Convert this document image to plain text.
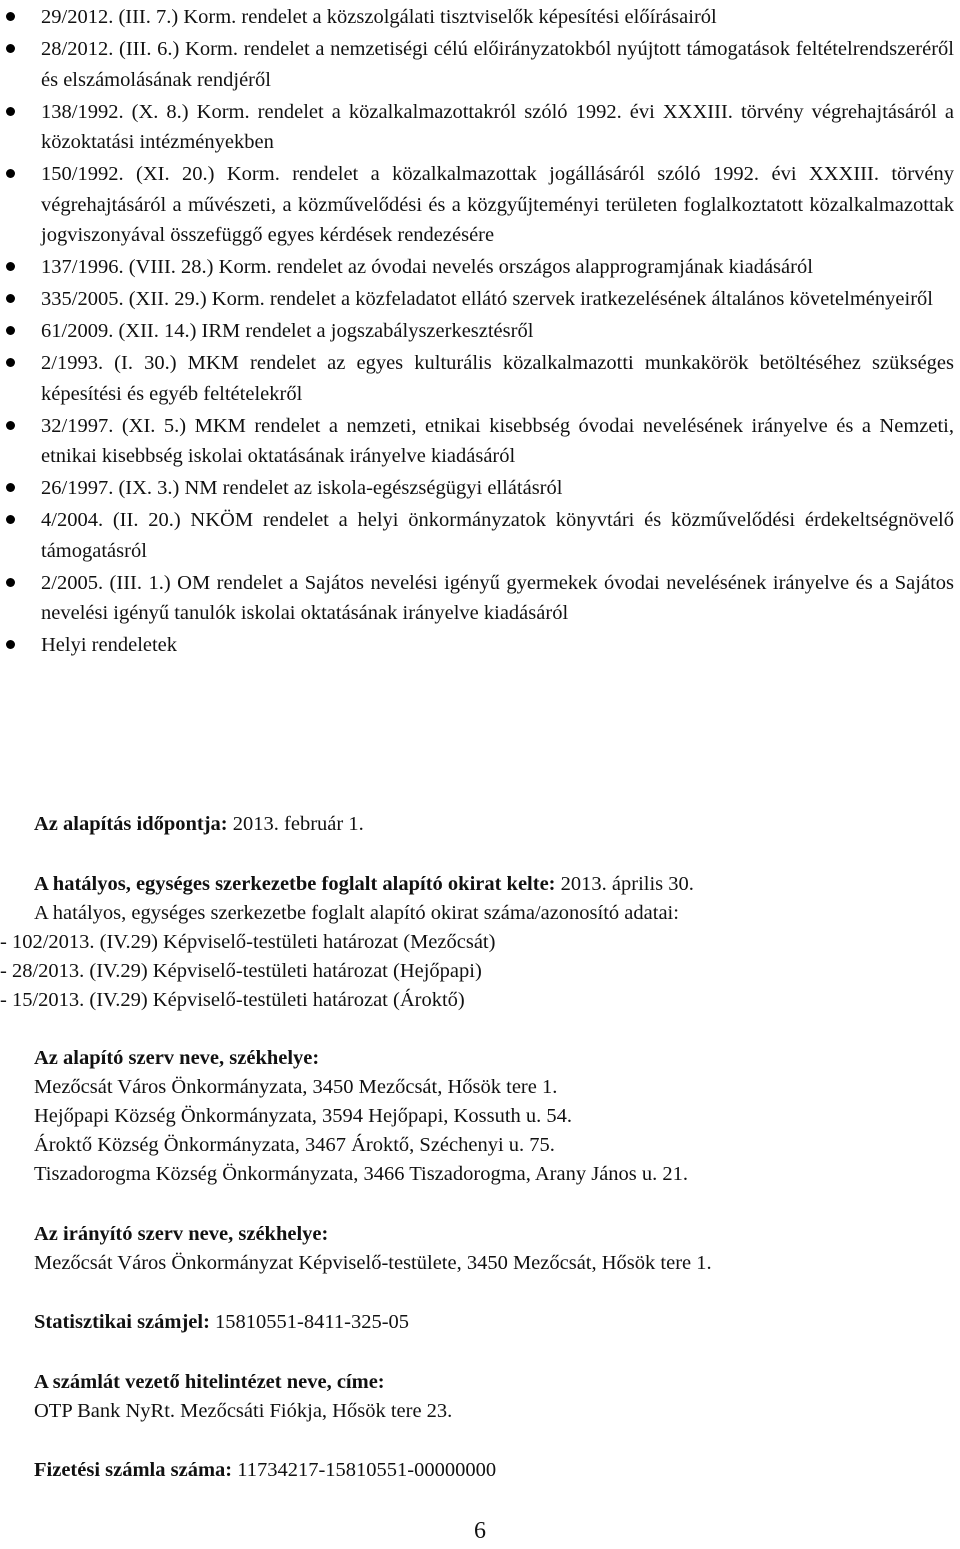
29/2012. (III. 7.) Korm. rendelet a közszolgálati tisztviselők képesítési előírásairól
28/2012. (III. 6.) Korm. rendelet a nemzetiségi célú előirányzatokból nyújtott támogatások feltételrendszeréről és elszámolásának rendjéről
138/1992. (X. 8.) Korm. rendelet a közalkalmazottakról szóló 1992. évi XXXIII. törvény végrehajtásáról a közoktatási intézményekben
150/1992. (XI. 20.) Korm. rendelet a közalkalmazottak jogállásáról szóló 1992. évi XXXIII. törvény végrehajtásáról a művészeti, a közművelődési és a közgyűjteményi területen foglalkoztatott közalkalmazottak jogviszonyával összefüggő egyes kérdések rendezésére
137/1996. (VIII. 28.) Korm. rendelet az óvodai nevelés országos alapprogramjának kiadásáról
335/2005. (XII. 29.) Korm. rendelet a közfeladatot ellátó szervek iratkezelésének általános követelményeiről
61/2009. (XII. 14.) IRM rendelet a jogszabályszerkesztésről
2/1993. (I. 30.) MKM rendelet az egyes kulturális közalkalmazotti munkakörök betöltéséhez szükséges képesítési és egyéb feltételekről
32/1997. (XI. 5.) MKM rendelet a nemzeti, etnikai kisebbség óvodai nevelésének irányelve és a Nemzeti, etnikai kisebbség iskolai oktatásának irányelve kiadásáról
26/1997. (IX. 3.) NM rendelet az iskola-egészségügyi ellátásról
4/2004. (II. 20.) NKÖM rendelet a helyi önkormányzatok könyvtári és közművelődési érdekeltségnövelő támogatásról
2/2005. (III. 1.) OM rendelet a Sajátos nevelési igényű gyermekek óvodai nevelésének irányelve és a Sajátos nevelési igényű tanulók iskolai oktatásának irányelve kiadásáról
Helyi rendeletek
Az alapítás időpontja: 2013. február 1.
A hatályos, egységes szerkezetbe foglalt alapító okirat kelte: 2013. április 30.
A hatályos, egységes szerkezetbe foglalt alapító okirat száma/azonosító adatai:
- 102/2013. (IV.29) Képviselő-testületi határozat (Mezőcsát)
- 28/2013. (IV.29) Képviselő-testületi határozat (Hejőpapi)
- 15/2013. (IV.29) Képviselő-testületi határozat (Ároktő)
Az alapító szerv neve, székhelye:
Mezőcsát Város Önkormányzata, 3450 Mezőcsát, Hősök tere 1.
Hejőpapi Község Önkormányzata, 3594 Hejőpapi, Kossuth u. 54.
Ároktő Község Önkormányzata, 3467 Ároktő, Széchenyi u. 75.
Tiszadorogma Község Önkormányzata, 3466 Tiszadorogma, Arany János u. 21.
Az irányító szerv neve, székhelye:
Mezőcsát Város Önkormányzat Képviselő-testülete, 3450 Mezőcsát, Hősök tere 1.
Statisztikai számjel: 15810551-8411-325-05
A számlát vezető hitelintézet neve, címe:
OTP Bank NyRt. Mezőcsáti Fiókja, Hősök tere 23.
Fizetési számla száma: 11734217-15810551-00000000
6
